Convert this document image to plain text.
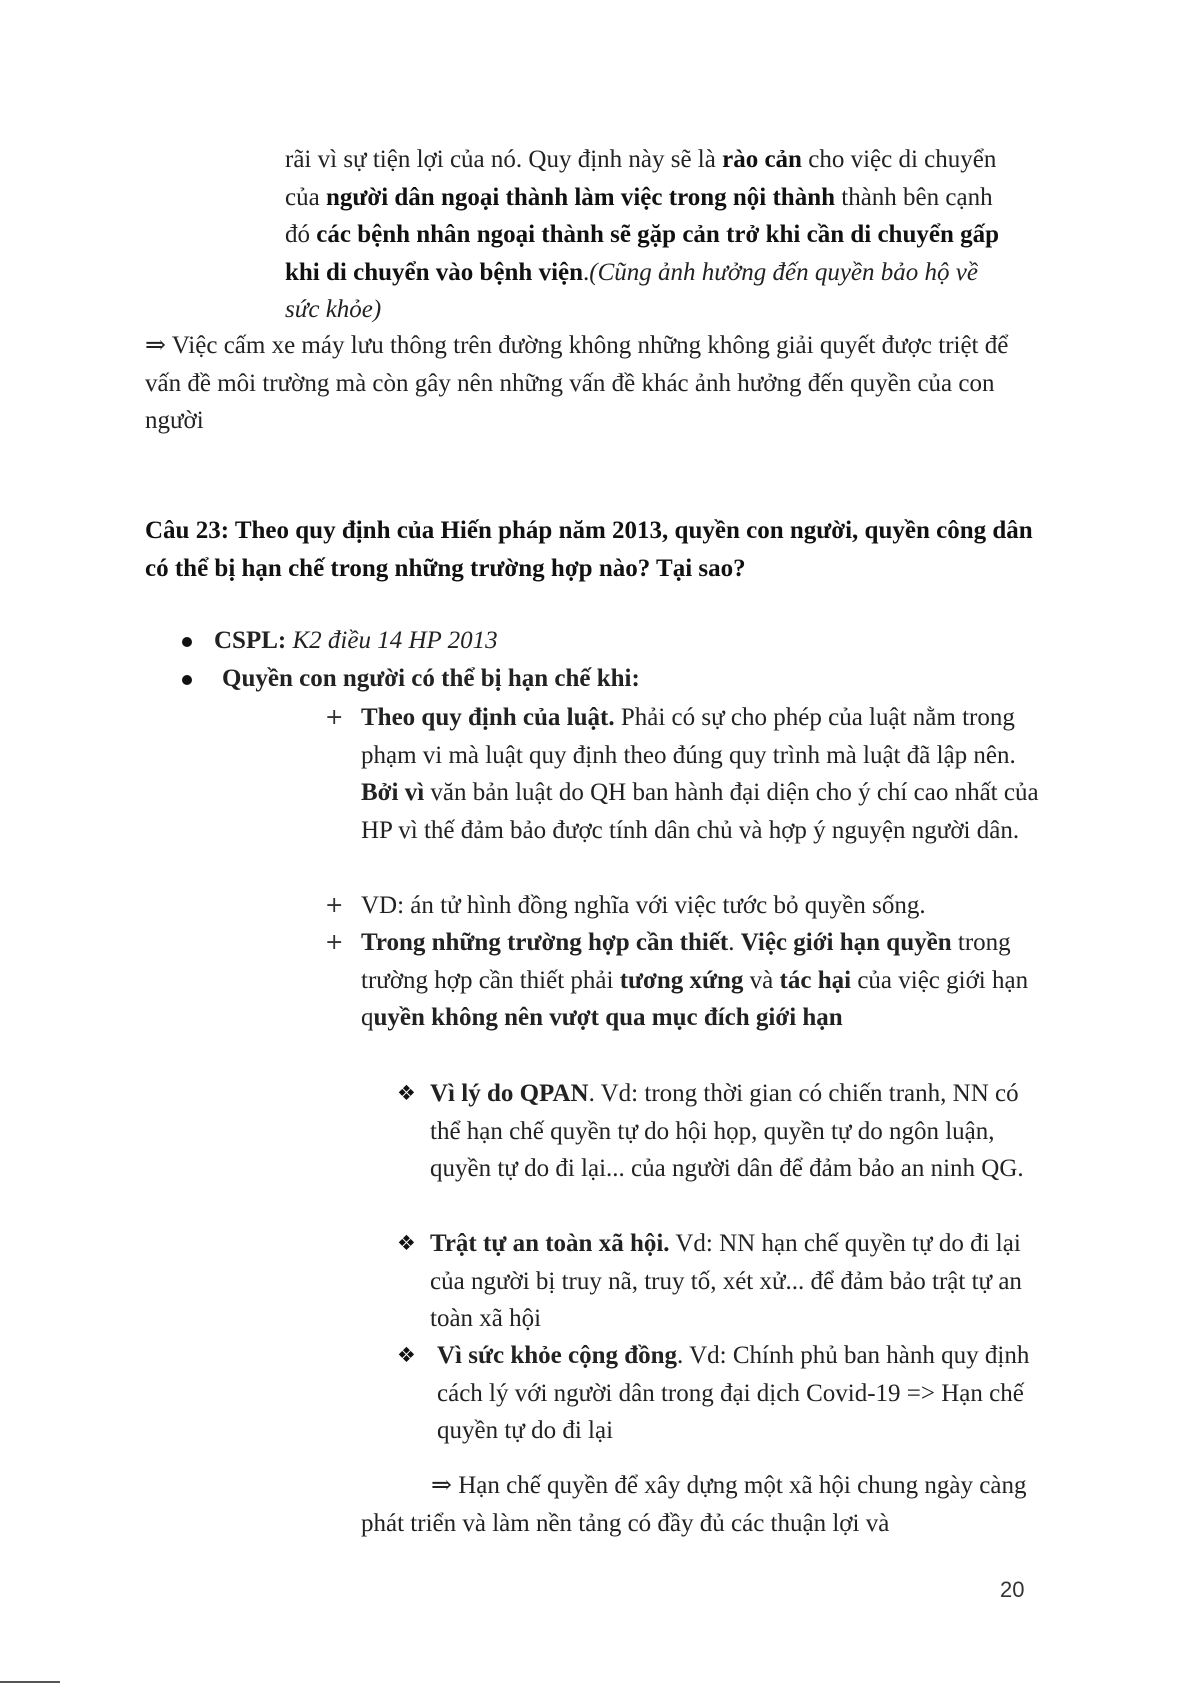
rãi vì sự tiện lợi của nó. Quy định này sẽ là rào cản cho việc di chuyển của người dân ngoại thành làm việc trong nội thành thành bên cạnh đó các bệnh nhân ngoại thành sẽ gặp cản trở khi cần di chuyển gấp khi di chuyển vào bệnh viện.(Cũng ảnh hưởng đến quyền bảo hộ về sức khỏe)

⇒ Việc cấm xe máy lưu thông trên đường không những không giải quyết được triệt để vấn đề môi trường mà còn gây nên những vấn đề khác ảnh hưởng đến quyền của con người

Câu 23: Theo quy định của Hiến pháp năm 2013, quyền con người, quyền công dân có thể bị hạn chế trong những trường hợp nào? Tại sao?

CSPL: K2 điều 14 HP 2013

Quyền con người có thể bị hạn chế khi:

+ Theo quy định của luật. Phải có sự cho phép của luật nằm trong phạm vi mà luật quy định theo đúng quy trình mà luật đã lập nên. Bởi vì văn bản luật do QH ban hành đại diện cho ý chí cao nhất của HP vì thế đảm bảo được tính dân chủ và hợp ý nguyện người dân.

+ VD: án tử hình đồng nghĩa với việc tước bỏ quyền sống.

+ Trong những trường hợp cần thiết. Việc giới hạn quyền trong trường hợp cần thiết phải tương xứng và tác hại của việc giới hạn quyền không nên vượt qua mục đích giới hạn

❖ Vì lý do QPAN. Vd: trong thời gian có chiến tranh, NN có thể hạn chế quyền tự do hội họp, quyền tự do ngôn luận, quyền tự do đi lại... của người dân để đảm bảo an ninh QG.

❖ Trật tự an toàn xã hội. Vd: NN hạn chế quyền tự do đi lại của người bị truy nã, truy tố, xét xử... để đảm bảo trật tự an toàn xã hội

❖ Vì sức khỏe cộng đồng. Vd: Chính phủ ban hành quy định cách lý với người dân trong đại dịch Covid-19 => Hạn chế quyền tự do đi lại

⇒ Hạn chế quyền để xây dựng một xã hội chung ngày càng phát triển và làm nền tảng có đầy đủ các thuận lợi và

20
